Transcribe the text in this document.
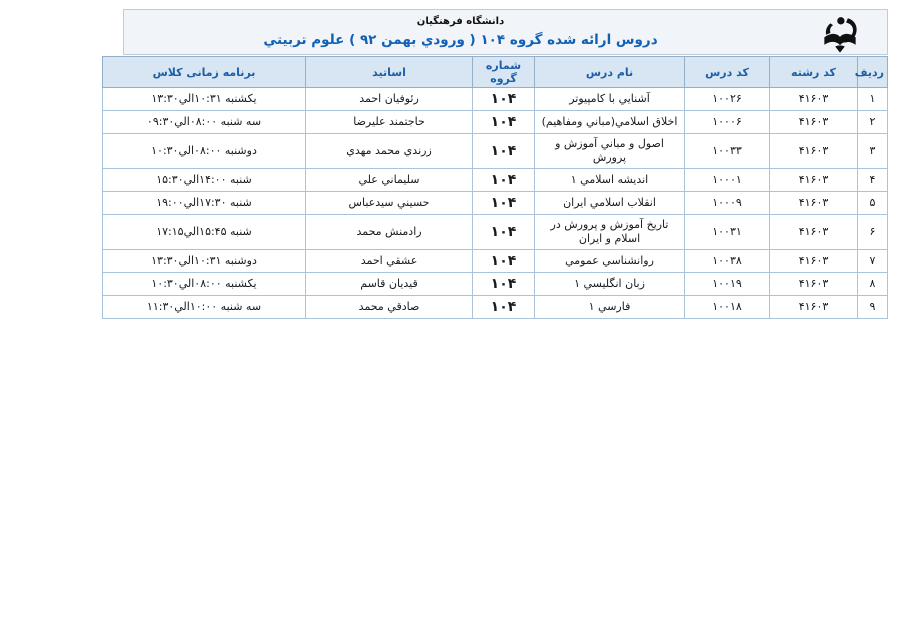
دانشگاه فرهنگيان
دروس ارائه شده گروه ۱۰۴ ( ورودي بهمن ۹۲ ) علوم تربيتي
رديف	کد رشته	کد درس	نام درس	شماره گروه	اساتيد	برنامه زمانی کلاس
۱	۴۱۶۰۳	۱۰۰۲۶	آشنايي با كامپيوتر	۱۰۴	رئوفيان احمد	يكشنبه ۱۰:۳۱الي۱۳:۳۰
۲	۴۱۶۰۳	۱۰۰۰۶	اخلاق اسلامي(مباني ومفاهيم)	۱۰۴	حاجتمند عليرضا	سه شنبه ۰۸:۰۰الي۰۹:۳۰
۳	۴۱۶۰۳	۱۰۰۳۳	اصول و مباني آموزش و پرورش	۱۰۴	زرندي محمد مهدي	دوشنبه ۰۸:۰۰الي۱۰:۳۰
۴	۴۱۶۰۳	۱۰۰۰۱	انديشه اسلامي ۱	۱۰۴	سليماني علي	شنبه ۱۴:۰۰الي۱۵:۳۰
۵	۴۱۶۰۳	۱۰۰۰۹	انقلاب اسلامي ايران	۱۰۴	حسيني سيدعباس	شنبه ۱۷:۳۰الي۱۹:۰۰
۶	۴۱۶۰۳	۱۰۰۳۱	تاريخ آموزش و پرورش در اسلام و ايران	۱۰۴	رادمنش محمد	شنبه ۱۵:۴۵الي۱۷:۱۵
۷	۴۱۶۰۳	۱۰۰۳۸	روانشناسي عمومي	۱۰۴	عشقي احمد	دوشنبه ۱۰:۳۱الي۱۳:۳۰
۸	۴۱۶۰۳	۱۰۰۱۹	زبان انگليسي ۱	۱۰۴	قيديان قاسم	يكشنبه ۰۸:۰۰الي۱۰:۳۰
۹	۴۱۶۰۳	۱۰۰۱۸	فارسي ۱	۱۰۴	صادقي محمد	سه شنبه ۱۰:۰۰الي۱۱:۳۰
